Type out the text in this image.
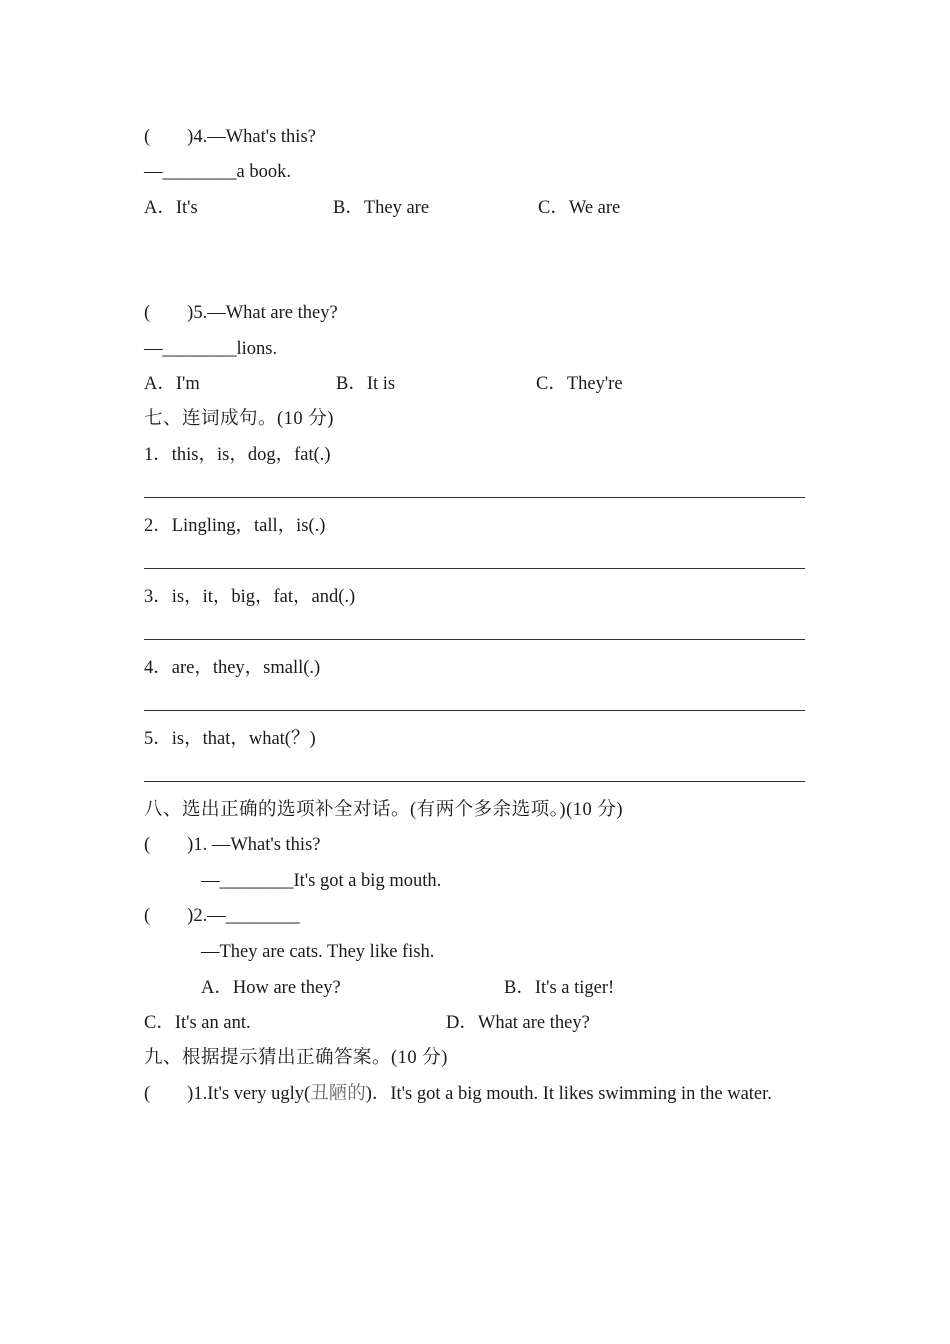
(        )4.—What's this?
—________a book.
A．It's	B．They are	C．We are
(        )5.—What are they?
—________lions.
A．I'm	B．It is	C．They're
七、连词成句。(10 分)
1．this，is，dog，fat(.)
2．Lingling，tall，is(.)
3．is，it，big，fat，and(.)
4．are，they，small(.)
5．is，that，what(？)
八、选出正确的选项补全对话。(有两个多余选项。)(10 分)
(        )1. —What's this?
—________It's got a big mouth.
(        )2.—________
—They are cats. They like fish.
A．How are they?	B．It's a tiger!
C．It's an ant.	D．What are they?
九、根据提示猜出正确答案。(10 分)
(        )1.It's very ugly(丑陋的)．It's got a big mouth. It likes swimming in the water.
